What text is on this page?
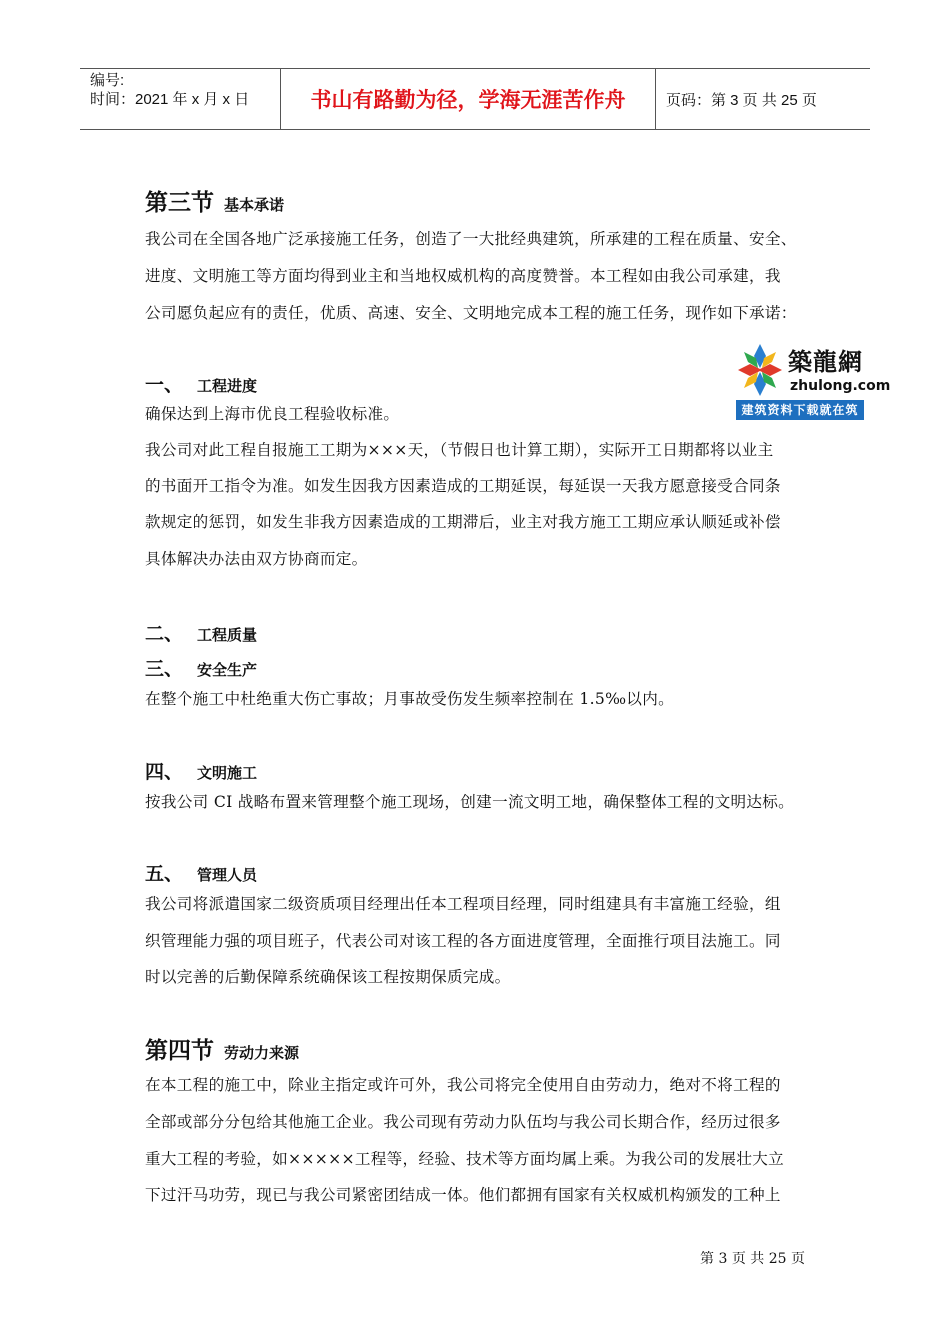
编号:
时间：2021 年 x 月 x 日	书山有路勤为径，学海无涯苦作舟	页码：第 3 页 共 25 页
第三节 基本承诺
我公司在全国各地广泛承接施工任务，创造了一大批经典建筑，所承建的工程在质量、安全、
进度、文明施工等方面均得到业主和当地权威机构的高度赞誉。本工程如由我公司承建，我
公司愿负起应有的责任，优质、高速、安全、文明地完成本工程的施工任务，现作如下承诺：
築龍網
zhulong.com
建筑资料下载就在筑龙网
一、 工程进度
确保达到上海市优良工程验收标准。
我公司对此工程自报施工工期为×××天，（节假日也计算工期），实际开工日期都将以业主
的书面开工指令为准。如发生因我方因素造成的工期延误，每延误一天我方愿意接受合同条
款规定的惩罚，如发生非我方因素造成的工期滞后，业主对我方施工工期应承认顺延或补偿
具体解决办法由双方协商而定。
二、 工程质量
三、 安全生产
在整个施工中杜绝重大伤亡事故；月事故受伤发生频率控制在 1.5‰以内。
四、 文明施工
按我公司 CI 战略布置来管理整个施工现场，创建一流文明工地，确保整体工程的文明达标。
五、 管理人员
我公司将派遣国家二级资质项目经理出任本工程项目经理，同时组建具有丰富施工经验，组
织管理能力强的项目班子，代表公司对该工程的各方面进度管理，全面推行项目法施工。同
时以完善的后勤保障系统确保该工程按期保质完成。
第四节 劳动力来源
在本工程的施工中，除业主指定或许可外，我公司将完全使用自由劳动力，绝对不将工程的
全部或部分分包给其他施工企业。我公司现有劳动力队伍均与我公司长期合作，经历过很多
重大工程的考验，如×××××工程等，经验、技术等方面均属上乘。为我公司的发展壮大立
下过汗马功劳，现已与我公司紧密团结成一体。他们都拥有国家有关权威机构颁发的工种上
第 3 页 共 25 页
